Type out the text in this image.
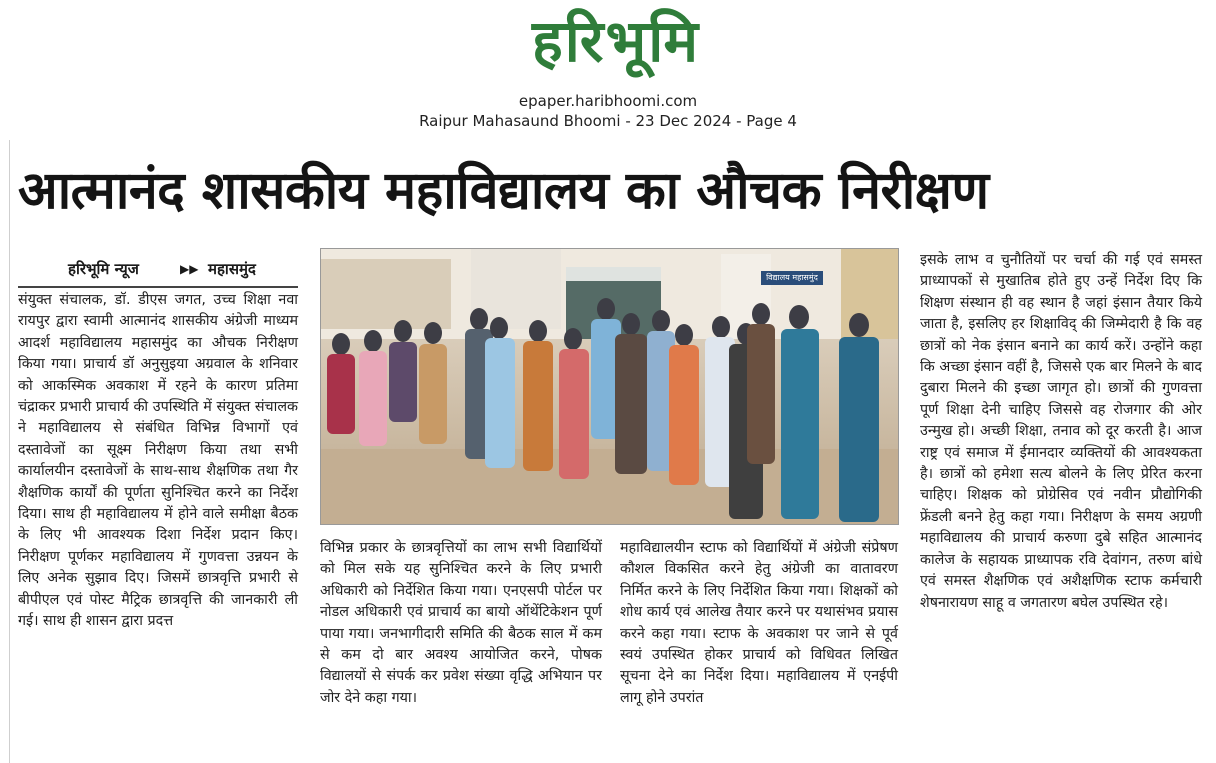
हरिभूमि
epaper.haribhoomi.com
Raipur Mahasaund Bhoomi - 23 Dec 2024 - Page 4
आत्मानंद शासकीय महाविद्यालय का औचक निरीक्षण
हरिभूमि न्यूज	▶▶ महासमुंद
संयुक्त संचालक, डॉ. डीएस जगत, उच्च शिक्षा नवा रायपुर द्वारा स्वामी आत्मानंद शासकीय अंग्रेजी माध्यम आदर्श महाविद्यालय महासमुंद का औचक निरीक्षण किया गया। प्राचार्य डॉ अनुसुइया अग्रवाल के शनिवार को आकस्मिक अवकाश में रहने के कारण प्रतिमा चंद्राकर प्रभारी प्राचार्य की उपस्थिति में संयुक्त संचालक ने महाविद्यालय से संबंधित विभिन्न विभागों एवं दस्तावेजों का सूक्ष्म निरीक्षण किया तथा सभी कार्यालयीन दस्तावेजों के साथ-साथ शैक्षणिक तथा गैर शैक्षणिक कार्यों की पूर्णता सुनिश्चित करने का निर्देश दिया। साथ ही महाविद्यालय में होने वाले समीक्षा बैठक के लिए भी आवश्यक दिशा निर्देश प्रदान किए। निरीक्षण पूर्णकर महाविद्यालय में गुणवत्ता उन्नयन के लिए अनेक सुझाव दिए। जिसमें छात्रवृत्ति प्रभारी से बीपीएल एवं पोस्ट मैट्रिक छात्रवृत्ति की जानकारी ली गई। साथ ही शासन द्वारा प्रदत्त
विद्यालय महासमुंद
विभिन्न प्रकार के छात्रवृत्तियों का लाभ सभी विद्यार्थियों को मिल सके यह सुनिश्चित करने के लिए प्रभारी अधिकारी को निर्देशित किया गया। एनएसपी पोर्टल पर नोडल अधिकारी एवं प्राचार्य का बायो ऑथेंटिकेशन पूर्ण पाया गया। जनभागीदारी समिति की बैठक साल में कम से कम दो बार अवश्य आयोजित करने, पोषक विद्यालयों से संपर्क कर प्रवेश संख्या वृद्धि अभियान पर जोर देने कहा गया।
महाविद्यालयीन स्टाफ को विद्यार्थियों में अंग्रेजी संप्रेषण कौशल विकसित करने हेतु अंग्रेजी का वातावरण निर्मित करने के लिए निर्देशित किया गया। शिक्षकों को शोध कार्य एवं आलेख तैयार करने पर यथासंभव प्रयास करने कहा गया। स्टाफ के अवकाश पर जाने से पूर्व स्वयं उपस्थित होकर प्राचार्य को विधिवत लिखित सूचना देने का निर्देश दिया। महाविद्यालय में एनईपी लागू होने उपरांत
इसके लाभ व चुनौतियों पर चर्चा की गई एवं समस्त प्राध्यापकों से मुखातिब होते हुए उन्हें निर्देश दिए कि शिक्षण संस्थान ही वह स्थान है जहां इंसान तैयार किये जाता है, इसलिए हर शिक्षाविद् की जिम्मेदारी है कि वह छात्रों को नेक इंसान बनाने का कार्य करें। उन्होंने कहा कि अच्छा इंसान वहीं है, जिससे एक बार मिलने के बाद दुबारा मिलने की इच्छा जागृत हो। छात्रों की गुणवत्ता पूर्ण शिक्षा देनी चाहिए जिससे वह रोजगार की ओर उन्मुख हो। अच्छी शिक्षा, तनाव को दूर करती है। आज राष्ट्र एवं समाज में ईमानदार व्यक्तियों की आवश्यकता है। छात्रों को हमेशा सत्य बोलने के लिए प्रेरित करना चाहिए। शिक्षक को प्रोग्रेसिव एवं नवीन प्रौद्योगिकी फ्रेंडली बनने हेतु कहा गया। निरीक्षण के समय अग्रणी महाविद्यालय की प्राचार्य करुणा दुबे सहित आत्मानंद कालेज के सहायक प्राध्यापक रवि देवांगन, तरुण बांधे एवं समस्त शैक्षणिक एवं अशैक्षणिक स्टाफ कर्मचारी शेषनारायण साहू व जगतारण बघेल उपस्थित रहे।
